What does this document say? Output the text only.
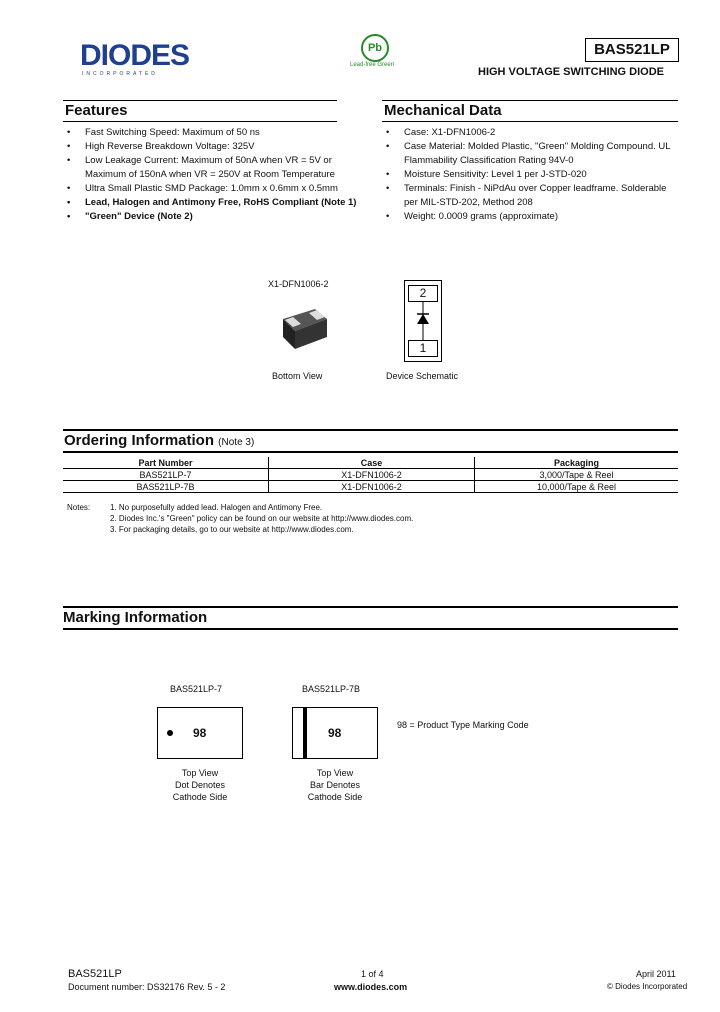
DIODES
INCORPORATED
Pb
Lead-free Green
BAS521LP
HIGH VOLTAGE SWITCHING DIODE
Features
• Fast Switching Speed: Maximum of 50 ns
• High Reverse Breakdown Voltage: 325V
• Low Leakage Current: Maximum of 50nA when VR = 5V or Maximum of 150nA when VR = 250V at Room Temperature
• Ultra Small Plastic SMD Package: 1.0mm x 0.6mm x 0.5mm
• Lead, Halogen and Antimony Free, RoHS Compliant (Note 1)
• "Green" Device (Note 2)
Mechanical Data
• Case: X1-DFN1006-2
• Case Material: Molded Plastic, "Green" Molding Compound. UL Flammability Classification Rating 94V-0
• Moisture Sensitivity: Level 1 per J-STD-020
• Terminals: Finish - NiPdAu over Copper leadframe. Solderable per MIL-STD-202, Method 208
• Weight: 0.0009 grams (approximate)
X1-DFN1006-2
Bottom View
2
1
Device Schematic
Ordering Information (Note 3)
Part Number	Case	Packaging
BAS521LP-7	X1-DFN1006-2	3,000/Tape & Reel
BAS521LP-7B	X1-DFN1006-2	10,000/Tape & Reel
Notes: 1. No purposefully added lead. Halogen and Antimony Free.
2. Diodes Inc.'s "Green" policy can be found on our website at http://www.diodes.com.
3. For packaging details, go to our website at http://www.diodes.com.
Marking Information
BAS521LP-7
98
Top View
Dot Denotes
Cathode Side
BAS521LP-7B
98
Top View
Bar Denotes
Cathode Side
98 = Product Type Marking Code
BAS521LP
Document number: DS32176 Rev. 5 - 2
1 of 4
www.diodes.com
April 2011
© Diodes Incorporated
